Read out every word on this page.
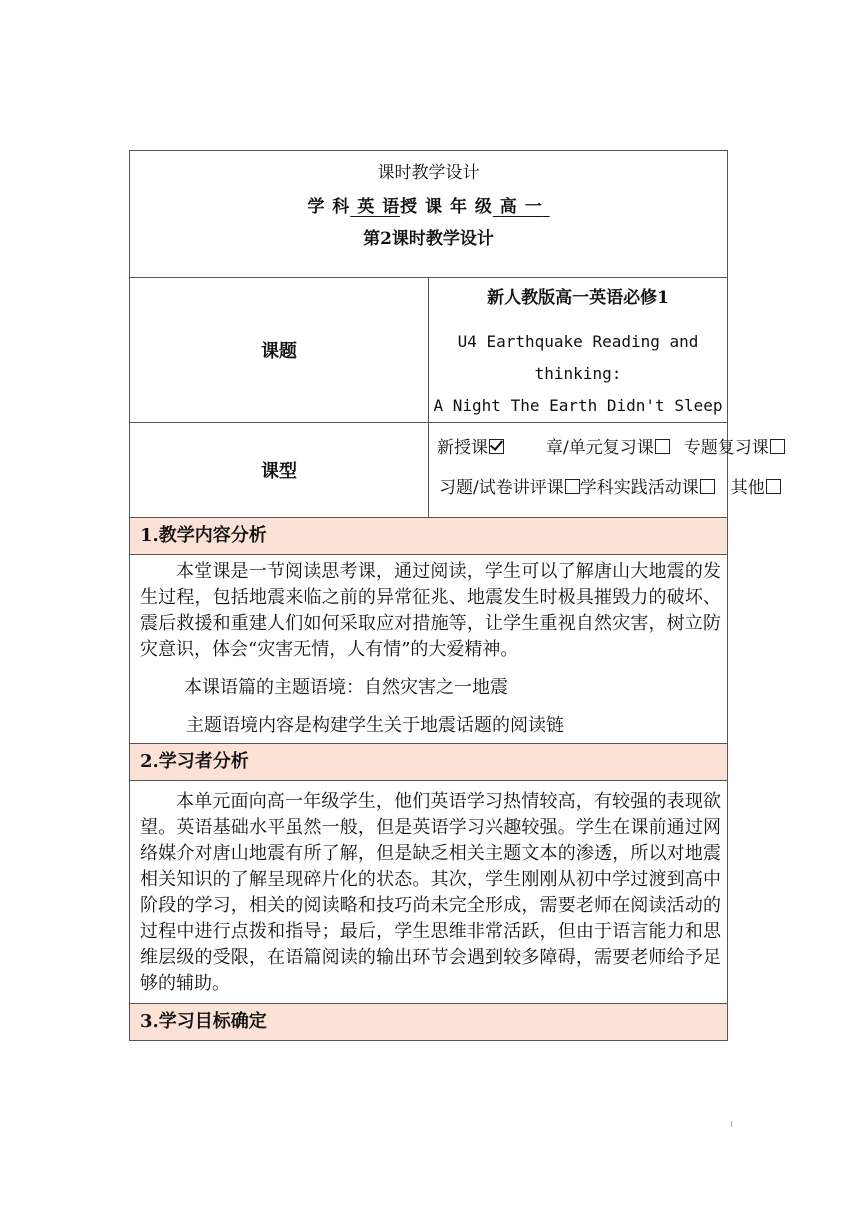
课时教学设计
学 科 英 语授 课 年 级 高 一
第2课时教学设计	

课题	新人教版高一英语必修1
U4 Earthquake Reading and thinking:
A Night The Earth Didn't Sleep

课型	新授课 章/单元复习课 专题复习课
习题/试卷讲评课 学科实践活动课 其他

1.教学内容分析	

本堂课是一节阅读思考课，通过阅读，学生可以了解唐山大地震的发生过程，包括地震来临之前的异常征兆、地震发生时极具摧毁力的破坏、震后救援和重建人们如何采取应对措施等，让学生重视自然灾害，树立防灾意识，体会“灾害无情，人有情”的大爱精神。

本课语篇的主题语境：自然灾害之一地震

主题语境内容是构建学生关于地震话题的阅读链	

2.学习者分析	

本单元面向高一年级学生，他们英语学习热情较高，有较强的表现欲望。英语基础水平虽然一般，但是英语学习兴趣较强。学生在课前通过网络媒介对唐山地震有所了解，但是缺乏相关主题文本的渗透，所以对地震相关知识的了解呈现碎片化的状态。其次，学生刚刚从初中学过渡到高中阶段的学习，相关的阅读略和技巧尚未完全形成，需要老师在阅读活动的过程中进行点拨和指导；最后，学生思维非常活跃，但由于语言能力和思维层级的受限，在语篇阅读的输出环节会遇到较多障碍，需要老师给予足够的辅助。	

3.学习目标确定	
